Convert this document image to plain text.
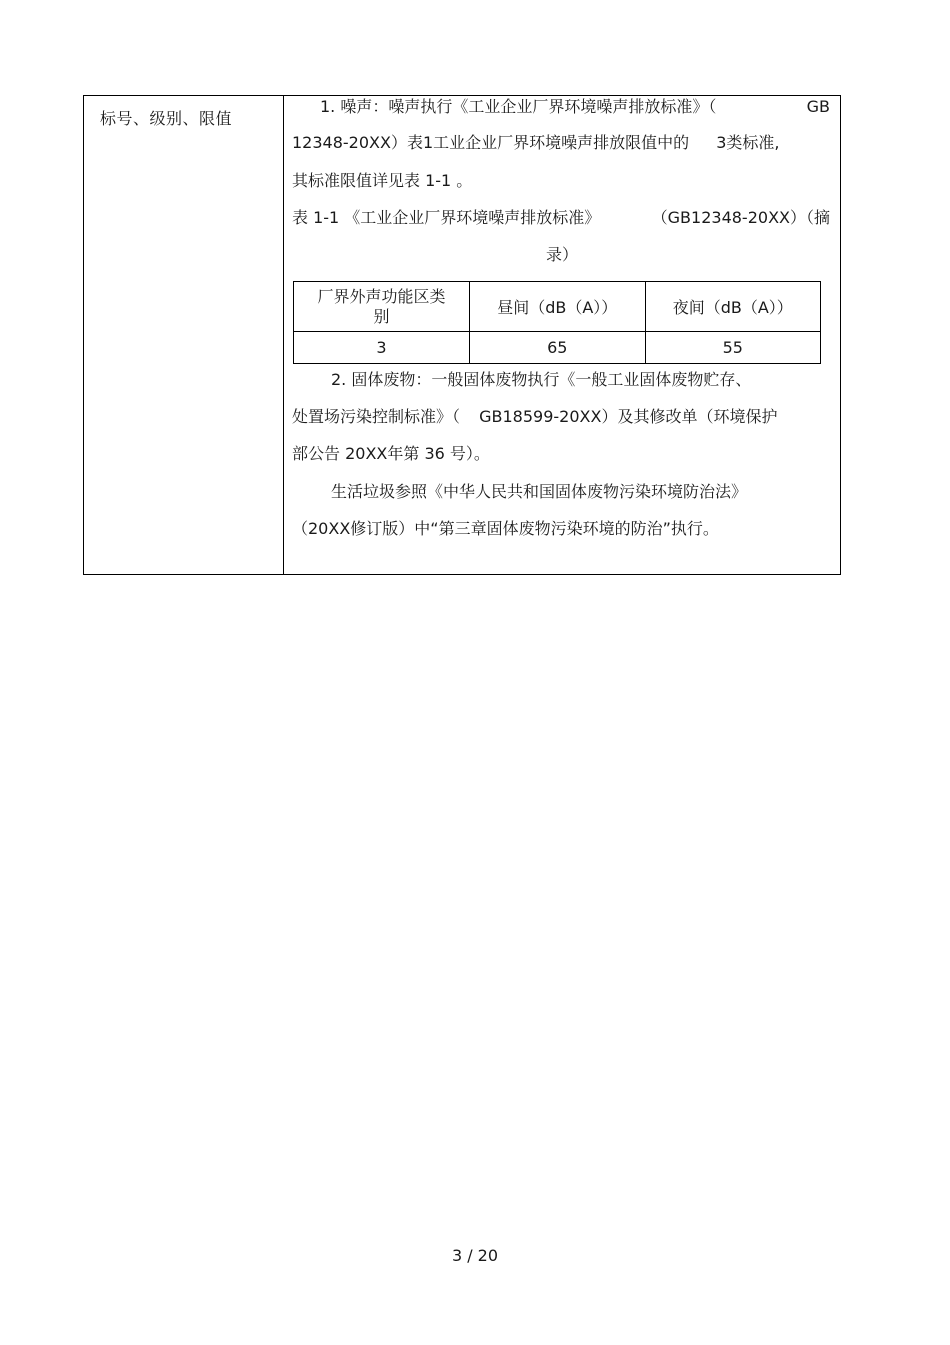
标号、级别、限值
1. 噪声：噪声执行《工业企业厂界环境噪声排放标准》（	GB
12348-20XX）表1工业企业厂界环境噪声排放限值中的 3类标准,
其标准限值详见表 1-1 。
表 1-1 《工业企业厂界环境噪声排放标准》	（GB12348-20XX）（摘
录）
厂界外声功能区类
别	昼间（dB（A））	夜间（dB（A））
3	65	55
2. 固体废物：一般固体废物执行《一般工业固体废物贮存、
处置场污染控制标准》（ GB18599-20XX）及其修改单（环境保护
部公告 20XX年第 36 号）。
生活垃圾参照《中华人民共和国固体废物污染环境防治法》
（20XX修订版）中“第三章固体废物污染环境的防治”执行。
3 / 20
